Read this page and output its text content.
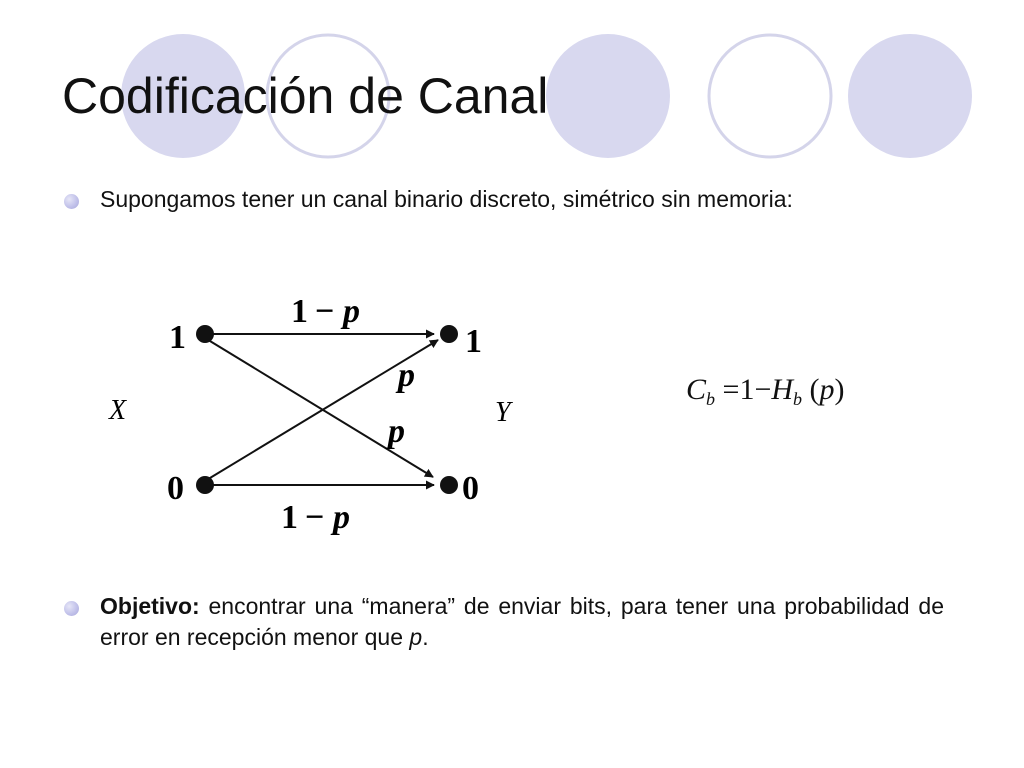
Codificación de Canal
Supongamos tener un canal binario discreto, simétrico sin memoria:
1
0
1
0
X	Y
1 − p
1 − p
p
p
$C_b =1-H_b$ (p)
Objetivo: encontrar una “manera” de enviar bits, para tener una probabilidad de error en recepción menor que p.
